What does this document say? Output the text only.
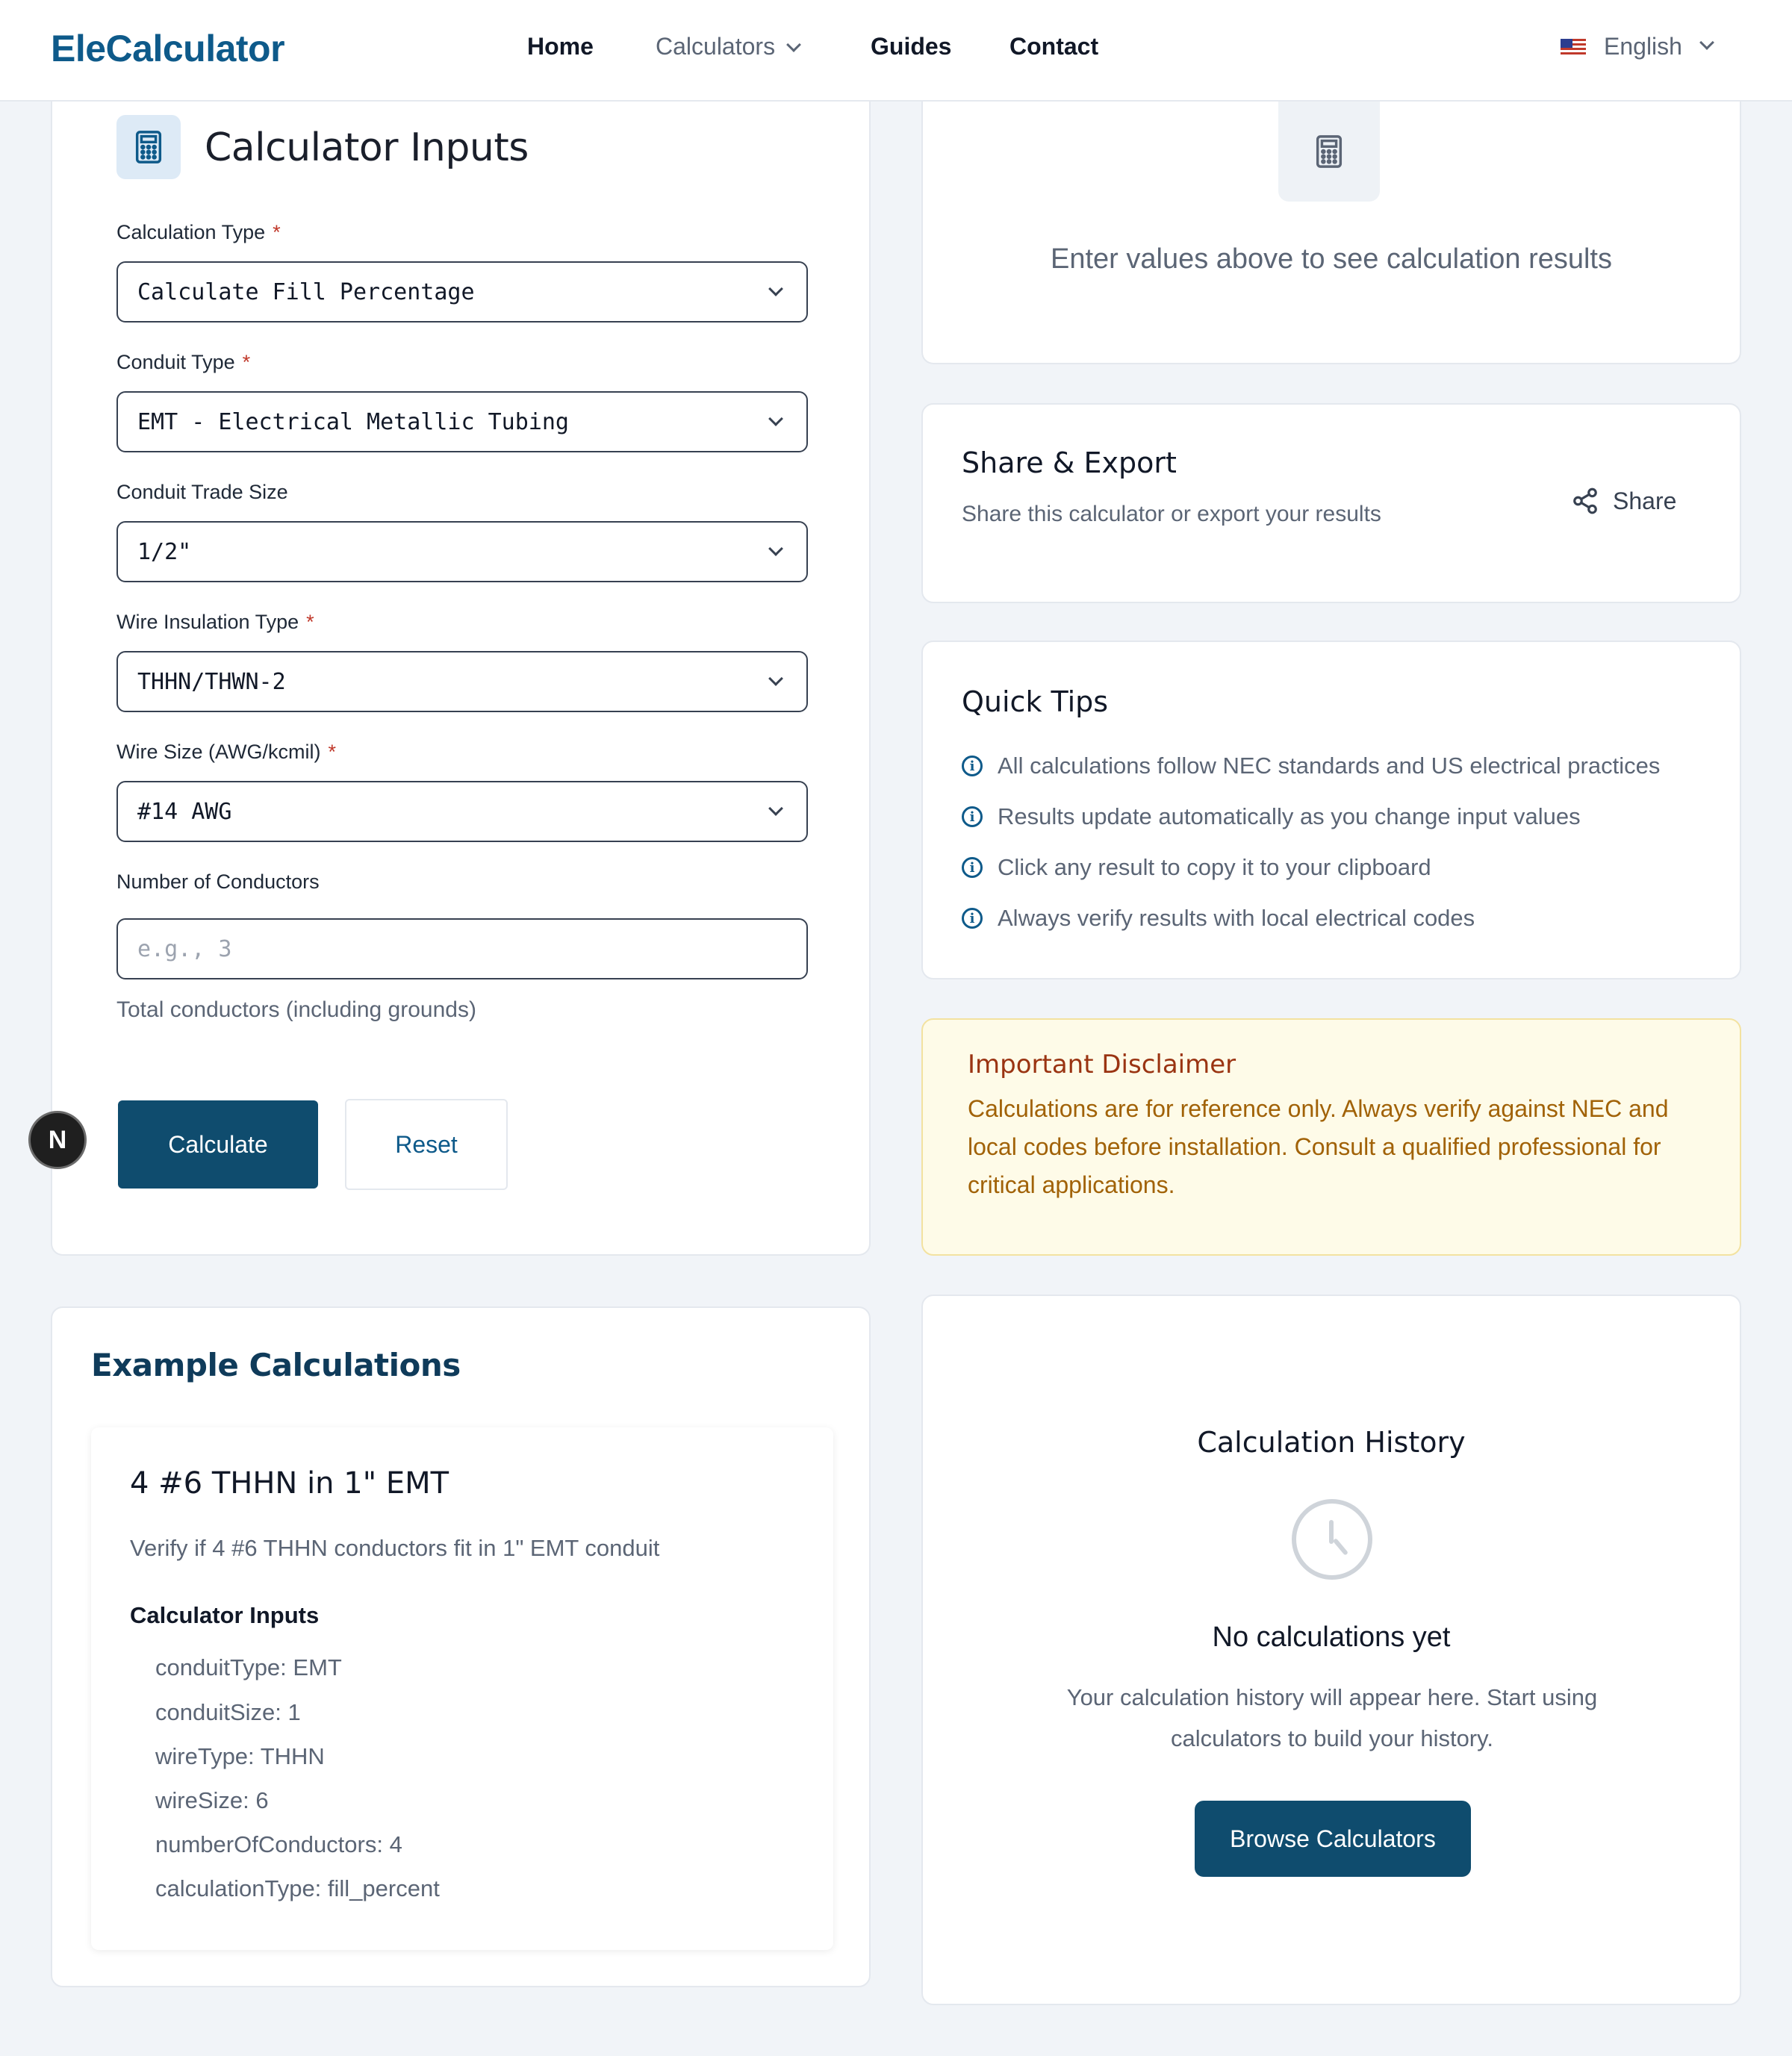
EleCalculator	Home	Calculators	Guides Contact	English
Calculator Inputs
Calculation Type *
Calculate Fill Percentage
Conduit Type *
EMT - Electrical Metallic Tubing
Conduit Trade Size
1/2"
Wire Insulation Type *
THHN/THWN-2
Wire Size (AWG/kcmil) *
#14 AWG
Number of Conductors
e.g., 3
Total conductors (including grounds)
Calculate	Reset
N
Enter values above to see calculation results
Share & Export
Share this calculator or export your results	Share
Quick Tips
i All calculations follow NEC standards and US electrical practices
i Results update automatically as you change input values
i Click any result to copy it to your clipboard
i Always verify results with local electrical codes
Important Disclaimer
Calculations are for reference only. Always verify against NEC and local codes before installation. Consult a qualified professional for critical applications.
Example Calculations
4 #6 THHN in 1" EMT
Verify if 4 #6 THHN conductors fit in 1" EMT conduit
Calculator Inputs
conduitType: EMT
conduitSize: 1
wireType: THHN
wireSize: 6
numberOfConductors: 4
calculationType: fill_percent
Calculation History
No calculations yet
Your calculation history will appear here. Start using calculators to build your history.
Browse Calculators
